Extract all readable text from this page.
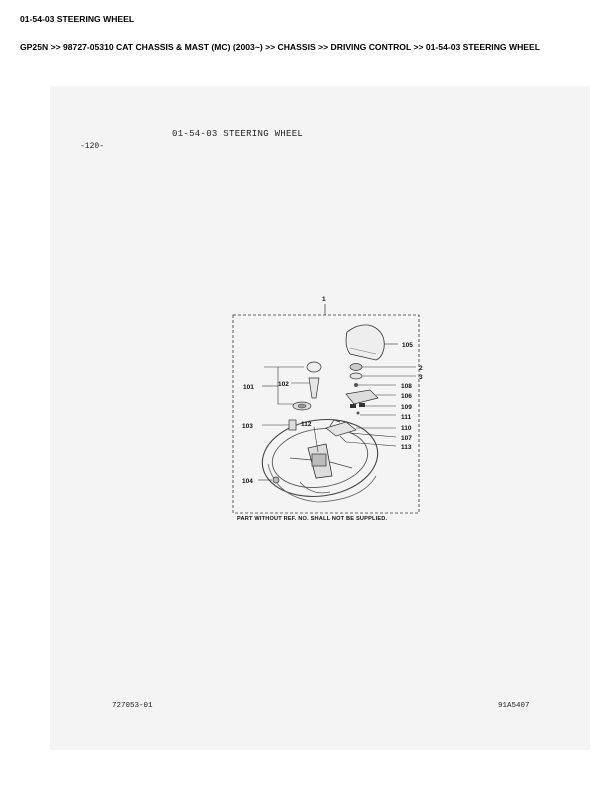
01-54-03 STEERING WHEEL
GP25N >> 98727-05310 CAT CHASSIS & MAST (MC) (2003~) >> CHASSIS >> DRIVING CONTROL >> 01-54-03 STEERING WHEEL
01-54-03 STEERING WHEEL
-120-
1
105
2
3
108
106
109
111
110
107
113
101	102
103	112
104
PART WITHOUT REF. NO. SHALL NOT BE SUPPLIED.
727053-01	91A5407
